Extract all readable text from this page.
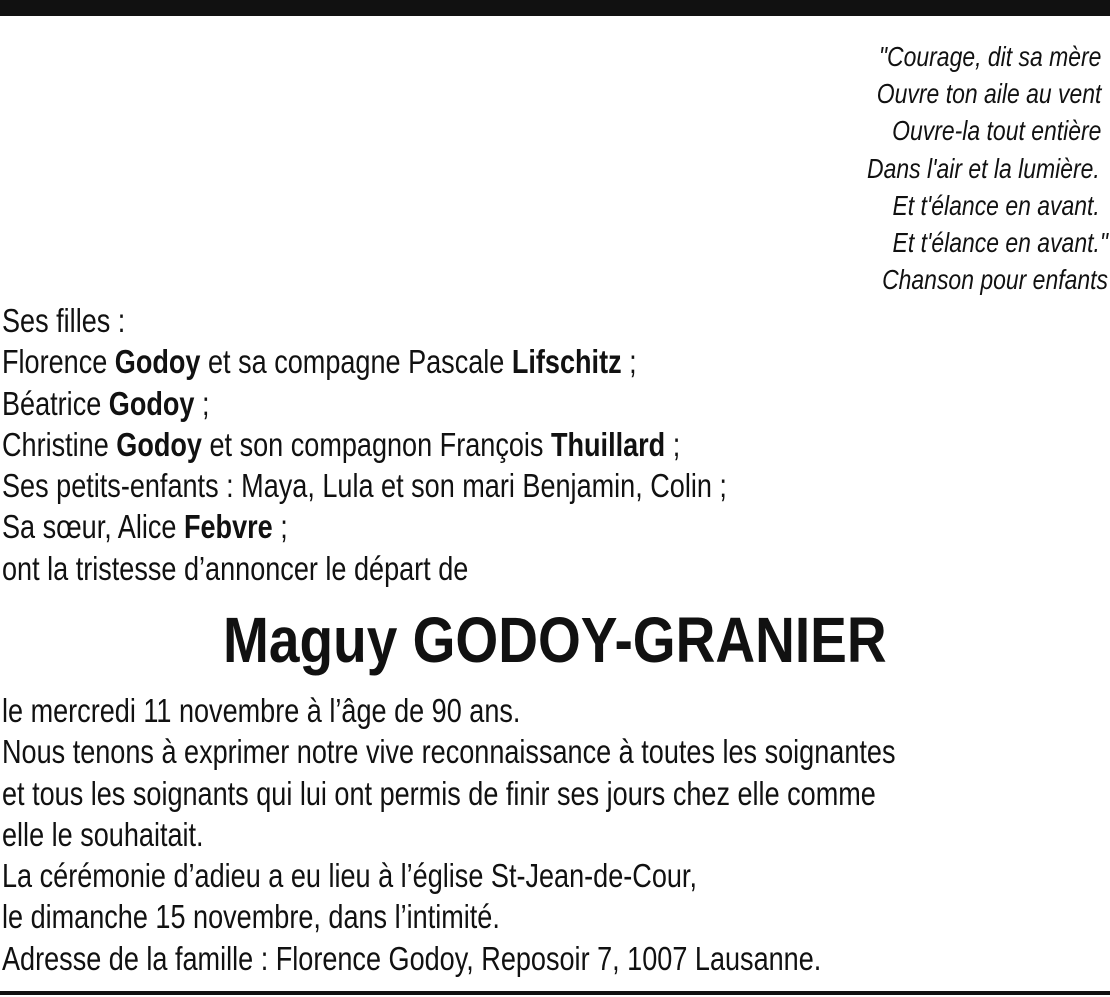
"Courage, dit sa mère
Ouvre ton aile au vent
Ouvre-la tout entière
Dans l'air et la lumière.
Et t'élance en avant.
Et t'élance en avant."
Chanson pour enfants
Ses filles :
Florence Godoy et sa compagne Pascale Lifschitz ;
Béatrice Godoy ;
Christine Godoy et son compagnon François Thuillard ;
Ses petits-enfants : Maya, Lula et son mari Benjamin, Colin ;
Sa sœur, Alice Febvre ;
ont la tristesse d’annoncer le départ de
Maguy GODOY-GRANIER
le mercredi 11 novembre à l’âge de 90 ans.
Nous tenons à exprimer notre vive reconnaissance à toutes les soignantes
et tous les soignants qui lui ont permis de finir ses jours chez elle comme
elle le souhaitait.
La cérémonie d’adieu a eu lieu à l’église St-Jean-de-Cour,
le dimanche 15 novembre, dans l’intimité.
Adresse de la famille : Florence Godoy, Reposoir 7, 1007 Lausanne.
